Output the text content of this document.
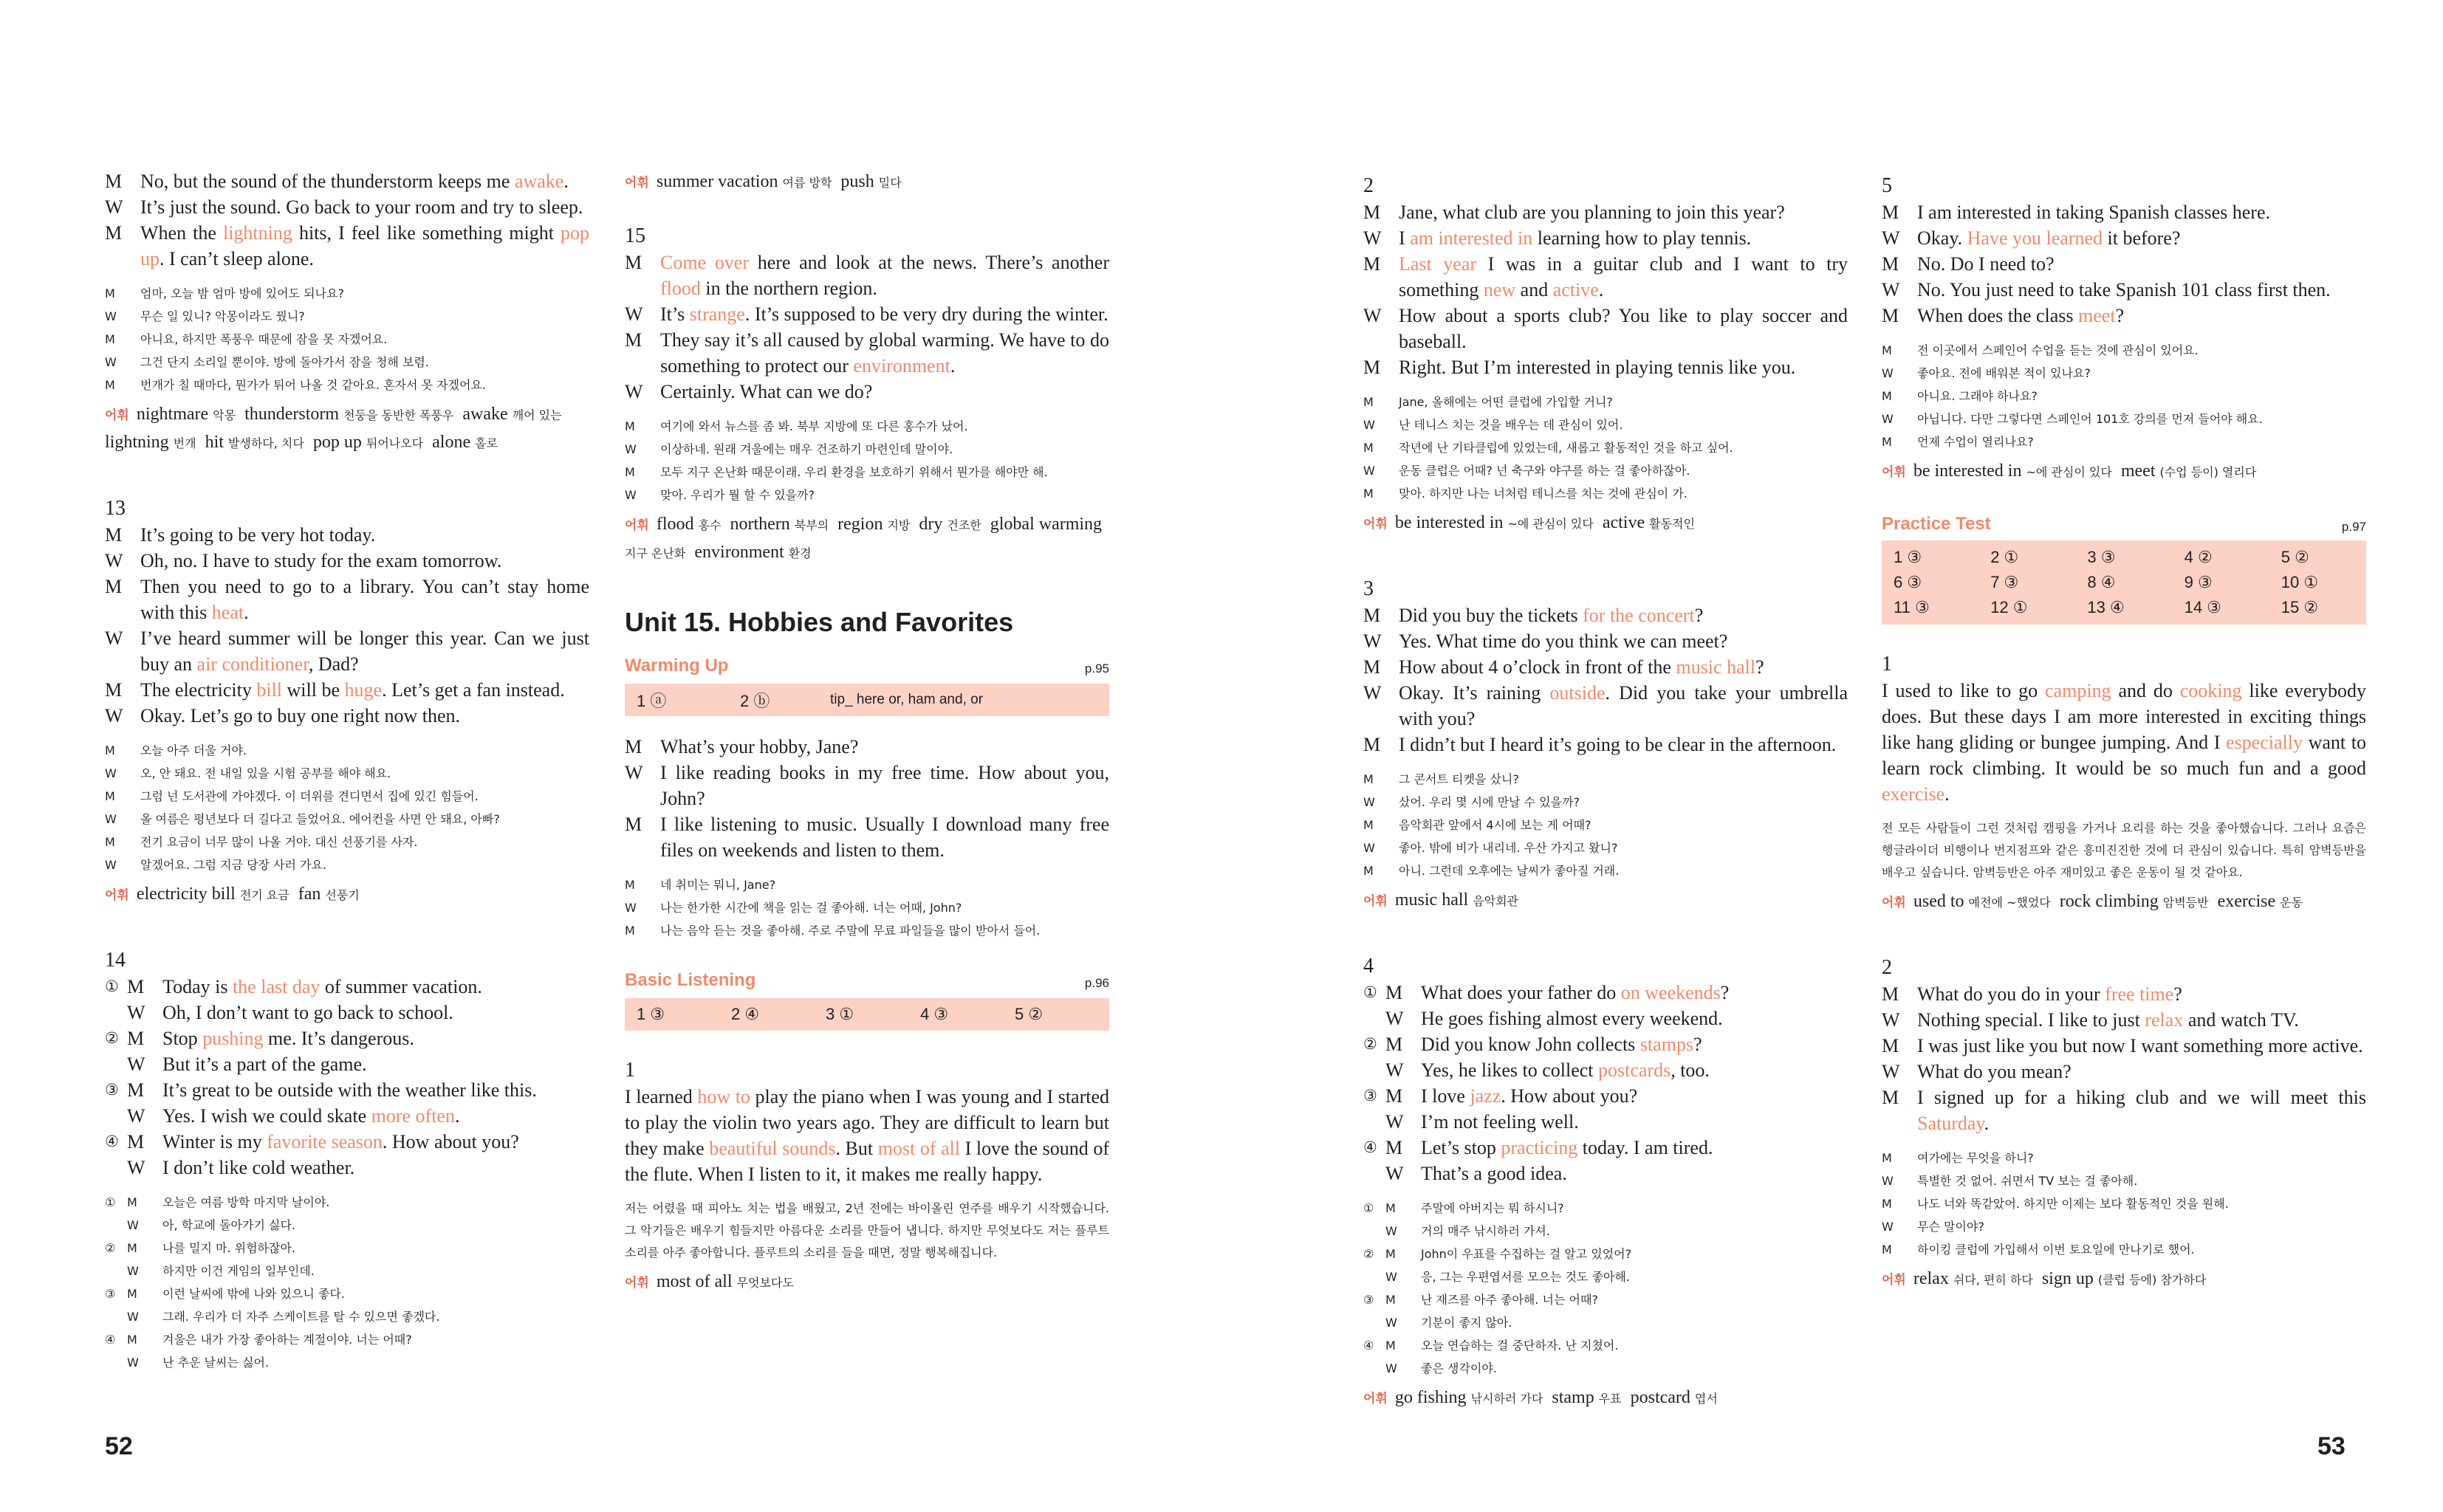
M No, but the sound of the thunderstorm keeps me awake.
W It’s just the sound. Go back to your room and try to sleep.
M When the lightning hits, I feel like something might pop up. I can’t sleep alone.
M	엄마, 오늘 밤 엄마 방에 있어도 되나요?
W	무슨 일 있니? 악몽이라도 꿨니?
M	아니요, 하지만 폭풍우 때문에 잠을 못 자겠어요.
W	그건 단지 소리일 뿐이야. 방에 돌아가서 잠을 청해 보렴.
M	번개가 칠 때마다, 뭔가가 튀어 나올 것 같아요. 혼자서 못 자겠어요.
어휘 nightmare 악몽  thunderstorm 천둥을 동반한 폭풍우  awake 깨어 있는 lightning 번개  hit 발생하다, 치다  pop up 튀어나오다  alone 홀로 
13
M It’s going to be very hot today.
W Oh, no. I have to study for the exam tomorrow.
M Then you need to go to a library. You can’t stay home with this heat.
W I’ve heard summer will be longer this year. Can we just buy an air conditioner, Dad?
M The electricity bill will be huge. Let’s get a fan instead.
W Okay. Let’s go to buy one right now then.
M	오늘 아주 더울 거야.
W	오, 안 돼요. 전 내일 있을 시험 공부를 해야 해요.
M	그럼 넌 도서관에 가야겠다. 이 더위를 견디면서 집에 있긴 힘들어.
W	올 여름은 평년보다 더 길다고 들었어요. 에어컨을 사면 안 돼요, 아빠?
M	전기 요금이 너무 많이 나올 거야. 대신 선풍기를 사자.
W	알겠어요. 그럼 지금 당장 사러 가요.
어휘 electricity bill 전기 요금  fan 선풍기 
14
① M Today is the last day of summer vacation.
W Oh, I don’t want to go back to school.
② M Stop pushing me. It’s dangerous.
W But it’s a part of the game.
③ M It’s great to be outside with the weather like this.
W Yes. I wish we could skate more often.
④ M Winter is my favorite season. How about you?
W I don’t like cold weather.
① M	오늘은 여름 방학 마지막 날이야.
W	아, 학교에 돌아가기 싫다.
② M	나를 밀지 마. 위험하잖아.
W	하지만 이건 게임의 일부인데.
③ M	이런 날씨에 밖에 나와 있으니 좋다.
W	그래. 우리가 더 자주 스케이트를 탈 수 있으면 좋겠다.
④ M	겨울은 내가 가장 좋아하는 계절이야. 너는 어때?
W	난 추운 날씨는 싫어.
어휘 summer vacation 여름 방학  push 밀다 
15
M Come over here and look at the news. There’s another flood in the northern region.
W It’s strange. It’s supposed to be very dry during the winter.
M They say it’s all caused by global warming. We have to do something to protect our environment.
W Certainly. What can we do?
M	여기에 와서 뉴스를 좀 봐. 북부 지방에 또 다른 홍수가 났어.
W	이상하네. 원래 겨울에는 매우 건조하기 마련인데 말이야.
M	모두 지구 온난화 때문이래. 우리 환경을 보호하기 위해서 뭔가를 해야만 해.
W	맞아. 우리가 뭘 할 수 있을까?
어휘 flood 홍수  northern 북부의  region 지방  dry 건조한  global warming 지구 온난화  environment 환경 
Unit 15. Hobbies and Favorites
Warming Up	p.95
1 ⓐ	2 ⓑ	tip_ here or, ham and, or
M What’s your hobby, Jane?
W I like reading books in my free time. How about you, John?
M I like listening to music. Usually I download many free files on weekends and listen to them.
M	네 취미는 뭐니, Jane?
W	나는 한가한 시간에 책을 읽는 걸 좋아해. 너는 어때, John?
M	나는 음악 듣는 것을 좋아해. 주로 주말에 무료 파일들을 많이 받아서 들어.
Basic Listening	p.96
1 ③	2 ④	3 ①	4 ③	5 ②
1
I learned how to play the piano when I was young and I started to play the violin two years ago. They are difficult to learn but they make beautiful sounds. But most of all I love the sound of the flute. When I listen to it, it makes me really happy.
저는 어렸을 때 피아노 치는 법을 배웠고, 2년 전에는 바이올린 연주를 배우기 시작했습니다. 그 악기들은 배우기 힘들지만 아름다운 소리를 만들어 냅니다. 하지만 무엇보다도 저는 플루트 소리를 아주 좋아합니다. 플루트의 소리를 들을 때면, 정말 행복해집니다.
어휘 most of all 무엇보다도 
2
M Jane, what club are you planning to join this year?
W I am interested in learning how to play tennis.
M Last year I was in a guitar club and I want to try something new and active.
W How about a sports club? You like to play soccer and baseball.
M Right. But I’m interested in playing tennis like you.
M	Jane, 올해에는 어떤 클럽에 가입할 거니?
W	난 테니스 치는 것을 배우는 데 관심이 있어.
M	작년에 난 기타클럽에 있었는데, 새롭고 활동적인 것을 하고 싶어.
W	운동 클럽은 어때? 넌 축구와 야구를 하는 걸 좋아하잖아.
M	맞아. 하지만 나는 너처럼 테니스를 치는 것에 관심이 가.
어휘 be interested in ~에 관심이 있다  active 활동적인 
3
M Did you buy the tickets for the concert?
W Yes. What time do you think we can meet?
M How about 4 o’clock in front of the music hall?
W Okay. It’s raining outside. Did you take your umbrella with you?
M I didn’t but I heard it’s going to be clear in the afternoon.
M	그 콘서트 티켓을 샀니?
W	샀어. 우리 몇 시에 만날 수 있을까?
M	음악회관 앞에서 4시에 보는 게 어때?
W	좋아. 밖에 비가 내리네. 우산 가지고 왔니?
M	아니. 그런데 오후에는 날씨가 좋아질 거래.
어휘 music hall 음악회관 
4
① M What does your father do on weekends?
W He goes fishing almost every weekend.
② M Did you know John collects stamps?
W Yes, he likes to collect postcards, too.
③ M I love jazz. How about you?
W I’m not feeling well.
④ M Let’s stop practicing today. I am tired.
W That’s a good idea.
① M	주말에 아버지는 뭐 하시니?
W	거의 매주 낚시하러 가셔.
② M	John이 우표를 수집하는 걸 알고 있었어?
W	응, 그는 우편엽서를 모으는 것도 좋아해.
③ M	난 재즈를 아주 좋아해. 너는 어때?
W	기분이 좋지 않아.
④ M	오늘 연습하는 걸 중단하자. 난 지쳤어.
W	좋은 생각이야.
어휘 go fishing 낚시하러 가다  stamp 우표  postcard 엽서 
5
M I am interested in taking Spanish classes here.
W Okay. Have you learned it before?
M No. Do I need to?
W No. You just need to take Spanish 101 class first then.
M When does the class meet?
M	전 이곳에서 스페인어 수업을 듣는 것에 관심이 있어요.
W	좋아요. 전에 배워본 적이 있나요?
M	아니요. 그래야 하나요?
W	아닙니다. 다만 그렇다면 스페인어 101호 강의를 먼저 들어야 해요.
M	언제 수업이 열리나요?
어휘 be interested in ~에 관심이 있다  meet (수업 등이) 열리다 
Practice Test	p.97
1 ③	2 ①	3 ③	4 ②	5 ②
6 ③	7 ③	8 ④	9 ③	10 ①
11 ③	12 ①	13 ④	14 ③	15 ②
1
I used to like to go camping and do cooking like everybody does. But these days I am more interested in exciting things like hang gliding or bungee jumping. And I especially want to learn rock climbing. It would be so much fun and a good exercise.
전 모든 사람들이 그런 것처럼 캠핑을 가거나 요리를 하는 것을 좋아했습니다. 그러나 요즘은 행글라이더 비행이나 번지점프와 같은 흥미진진한 것에 더 관심이 있습니다. 특히 암벽등반을 배우고 싶습니다. 암벽등반은 아주 재미있고 좋은 운동이 될 것 같아요.
어휘 used to 예전에 ~했었다  rock climbing 암벽등반  exercise 운동 
2
M What do you do in your free time?
W Nothing special. I like to just relax and watch TV.
M I was just like you but now I want something more active.
W What do you mean?
M I signed up for a hiking club and we will meet this Saturday.
M	여가에는 무엇을 하니?
W	특별한 것 없어. 쉬면서 TV 보는 걸 좋아해.
M	나도 너와 똑같았어. 하지만 이제는 보다 활동적인 것을 원해.
W	무슨 말이야?
M	하이킹 클럽에 가입해서 이번 토요일에 만나기로 했어.
어휘 relax 쉬다, 편히 하다  sign up (클럽 등에) 참가하다 
52	53
